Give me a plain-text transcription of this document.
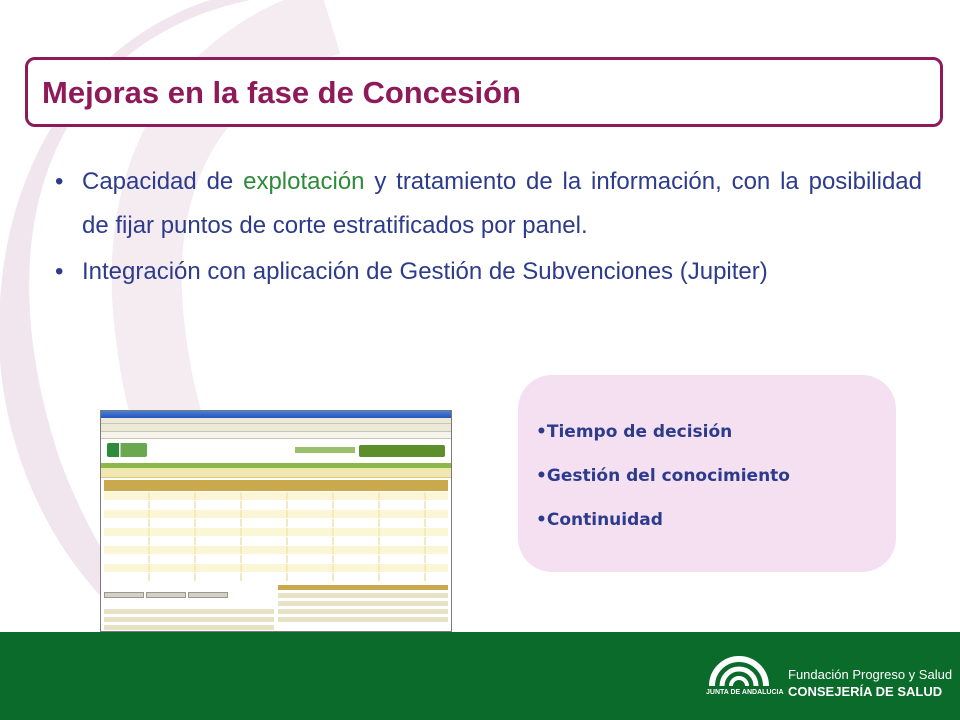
Mejoras en la fase de Concesión
• Capacidad de explotación y tratamiento de la información, con la posibilidad de fijar puntos de corte estratificados por panel.
• Integración con aplicación de Gestión de Subvenciones (Jupiter)
•Tiempo de decisión
•Gestión del conocimiento
•Continuidad
JUNTA DE ANDALUCIA
Fundación Progreso y Salud
CONSEJERÍA DE SALUD
